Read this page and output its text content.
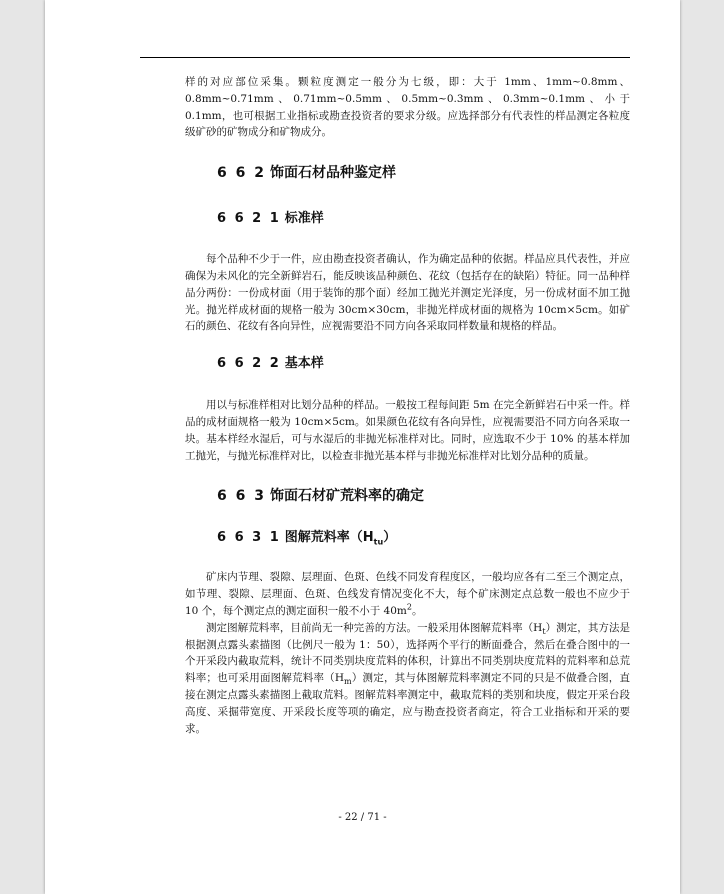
样的对应部位采集。颗粒度测定一般分为七级，即：大于 1mm、1mm~0.8mm、0.8mm~0.71mm、0.71mm~0.5mm、0.5mm~0.3mm、0.3mm~0.1mm、小于 0.1mm，也可根据工业指标或勘查投资者的要求分级。应选择部分有代表性的样品测定各粒度级矿砂的矿物成分和矿物成分。

6 6 2 饰面石材品种鉴定样
6 6 2 1 标准样

每个品种不少于一件，应由勘查投资者确认，作为确定品种的依据。样品应具代表性，并应确保为未风化的完全新鲜岩石，能反映该品种颜色、花纹（包括存在的缺陷）特征。同一品种样品分两份：一份成材面（用于装饰的那个面）经加工抛光并测定光泽度，另一份成材面不加工抛光。抛光样成材面的规格一般为 30cm×30cm，非抛光样成材面的规格为 10cm×5cm。如矿石的颜色、花纹有各向异性，应视需要沿不同方向各采取同样数量和规格的样品。

6 6 2 2 基本样

用以与标准样相对比划分品种的样品。一般按工程每间距 5m 在完全新鲜岩石中采一件。样品的成材面规格一般为 10cm×5cm。如果颜色花纹有各向异性，应视需要沿不同方向各采取一块。基本样经水湿后，可与水湿后的非抛光标准样对比。同时，应选取不少于 10% 的基本样加工抛光，与抛光标准样对比，以检查非抛光基本样与非抛光标准样对比划分品种的质量。

6 6 3 饰面石材矿荒料率的确定
6 6 3 1 图解荒料率$(H_{tu})$

矿床内节理、裂隙、层理面、色斑、色线不同发育程度区，一般均应各有二至三个测定点，如节理、裂隙、层理面、色斑、色线发育情况变化不大，每个矿床测定点总数一般也不应少于 10 个，每个测定点的测定面积一般不小于 $40m^2$。

测定图解荒料率，目前尚无一种完善的方法。一般采用体图解荒料率$(H_t)$测定，其方法是根据测点露头素描图（比例尺一般为 1：50），选择两个平行的断面叠合，然后在叠合图中的一个开采段内截取荒料，统计不同类别块度荒料的体积，计算出不同类别块度荒料的荒料率和总荒料率；也可采用面图解荒料率$(H_m)$测定，其与体图解荒料率测定不同的只是不做叠合图，直接在测定点露头素描图上截取荒料。图解荒料率测定中，截取荒料的类别和块度，假定开采台段高度、采掘带宽度、开采段长度等项的确定，应与勘查投资者商定，符合工业指标和开采的要求。

- 22 / 71 -
